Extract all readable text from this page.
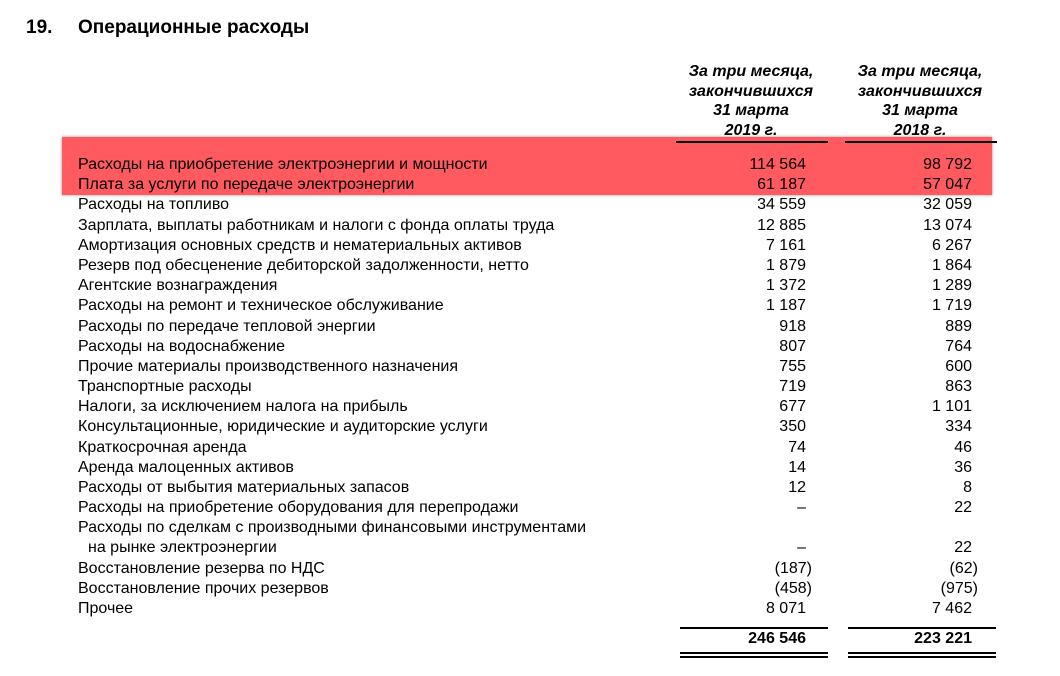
19. Операционные расходы
За три месяца,
закончившихся
31 марта
2019 г.
За три месяца,
закончившихся
31 марта
2018 г.
Расходы на приобретение электроэнергии и мощности	114 564	98 792
Плата за услуги по передаче электроэнергии	61 187	57 047
Расходы на топливо	34 559	32 059
Зарплата, выплаты работникам и налоги с фонда оплаты труда	12 885	13 074
Амортизация основных средств и нематериальных активов	7 161	6 267
Резерв под обесценение дебиторской задолженности, нетто	1 879	1 864
Агентские вознаграждения	1 372	1 289
Расходы на ремонт и техническое обслуживание	1 187	1 719
Расходы по передаче тепловой энергии	918	889
Расходы на водоснабжение	807	764
Прочие материалы производственного назначения	755	600
Транспортные расходы	719	863
Налоги, за исключением налога на прибыль	677	1 101
Консультационные, юридические и аудиторские услуги	350	334
Краткосрочная аренда	74	46
Аренда малоценных активов	14	36
Расходы от выбытия материальных запасов	12	8
Расходы на приобретение оборудования для перепродажи	–	22
Расходы по сделкам с производными финансовыми инструментами
на рынке электроэнергии	–	22
Восстановление резерва по НДС	(187)	(62)
Восстановление прочих резервов	(458)	(975)
Прочее	8 071	7 462
246 546	223 221
